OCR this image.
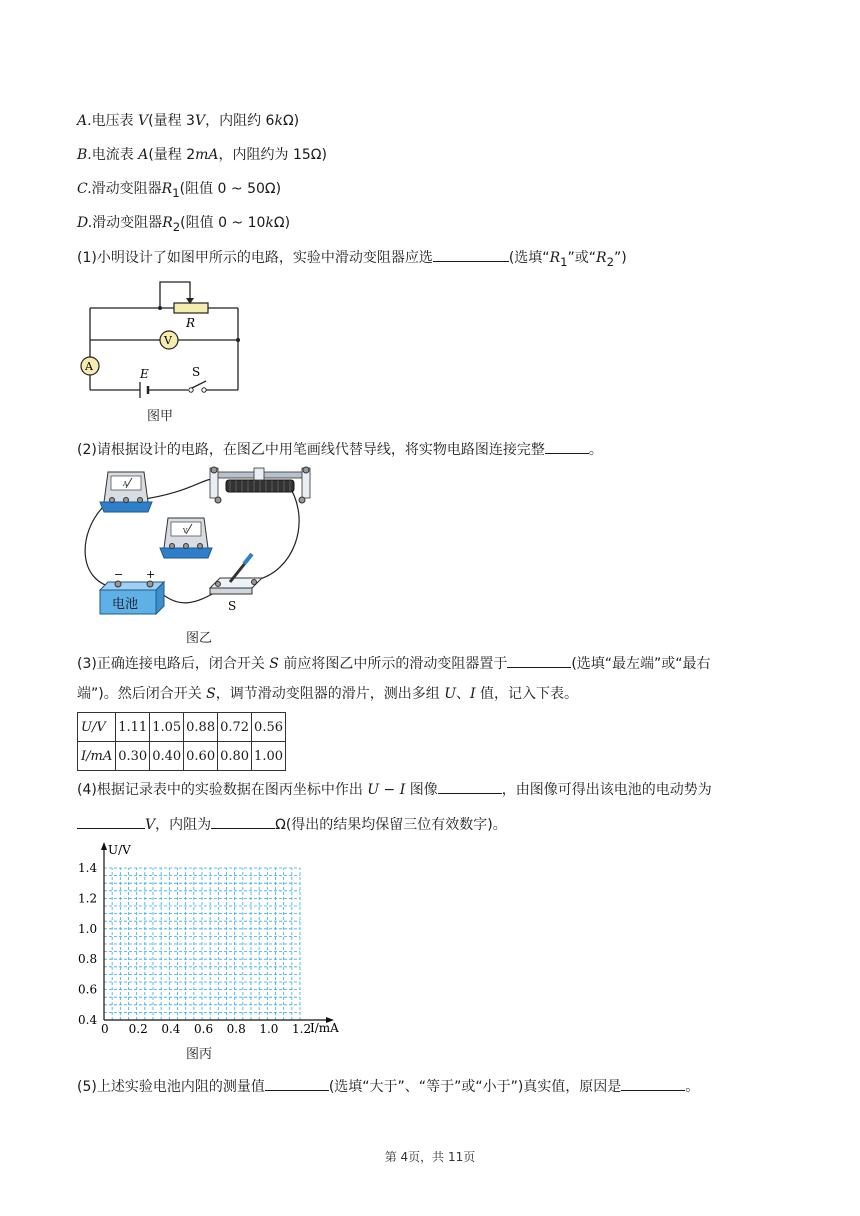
A.电压表 V(量程 3V，内阻约 6kΩ)
B.电流表 A(量程 2mA，内阻约为 15Ω)
C.滑动变阻器$R_1$(阻值 0 ~ 50Ω)
D.滑动变阻器$R_2$(阻值 0 ~ 10kΩ)
(1)小明设计了如图甲所示的电路，实验中滑动变阻器应选	(选填“$R_1$”或“$R_2$”)
R
V
A
E	S
图甲
(2)请根据设计的电路，在图乙中用笔画线代替导线，将实物电路图连接完整	。
A
V
电池
− +
S
图乙
(3)正确连接电路后，闭合开关 S 前应将图乙中所示的滑动变阻器置于	(选填“最左端”或“最右
端”)。然后闭合开关 S，调节滑动变阻器的滑片，测出多组 U、I 值，记入下表。
U/V	1.11	1.05	0.88	0.72	0.56
I/mA	0.30	0.40	0.60	0.80	1.00
(4)根据记录表中的实验数据在图丙坐标中作出 U − I 图像	，由图像可得出该电池的电动势为
V，内阻为	Ω(得出的结果均保留三位有效数字)。
0 0.2 0.4 0.6 0.8 1.0 1.2
0.4
0.6
0.8
1.0
1.2
1.4
U/V
I/mA
图丙
(5)上述实验电池内阻的测量值	(选填“大于”、“等于”或“小于”)真实值，原因是	。
第 4页，共 11页
